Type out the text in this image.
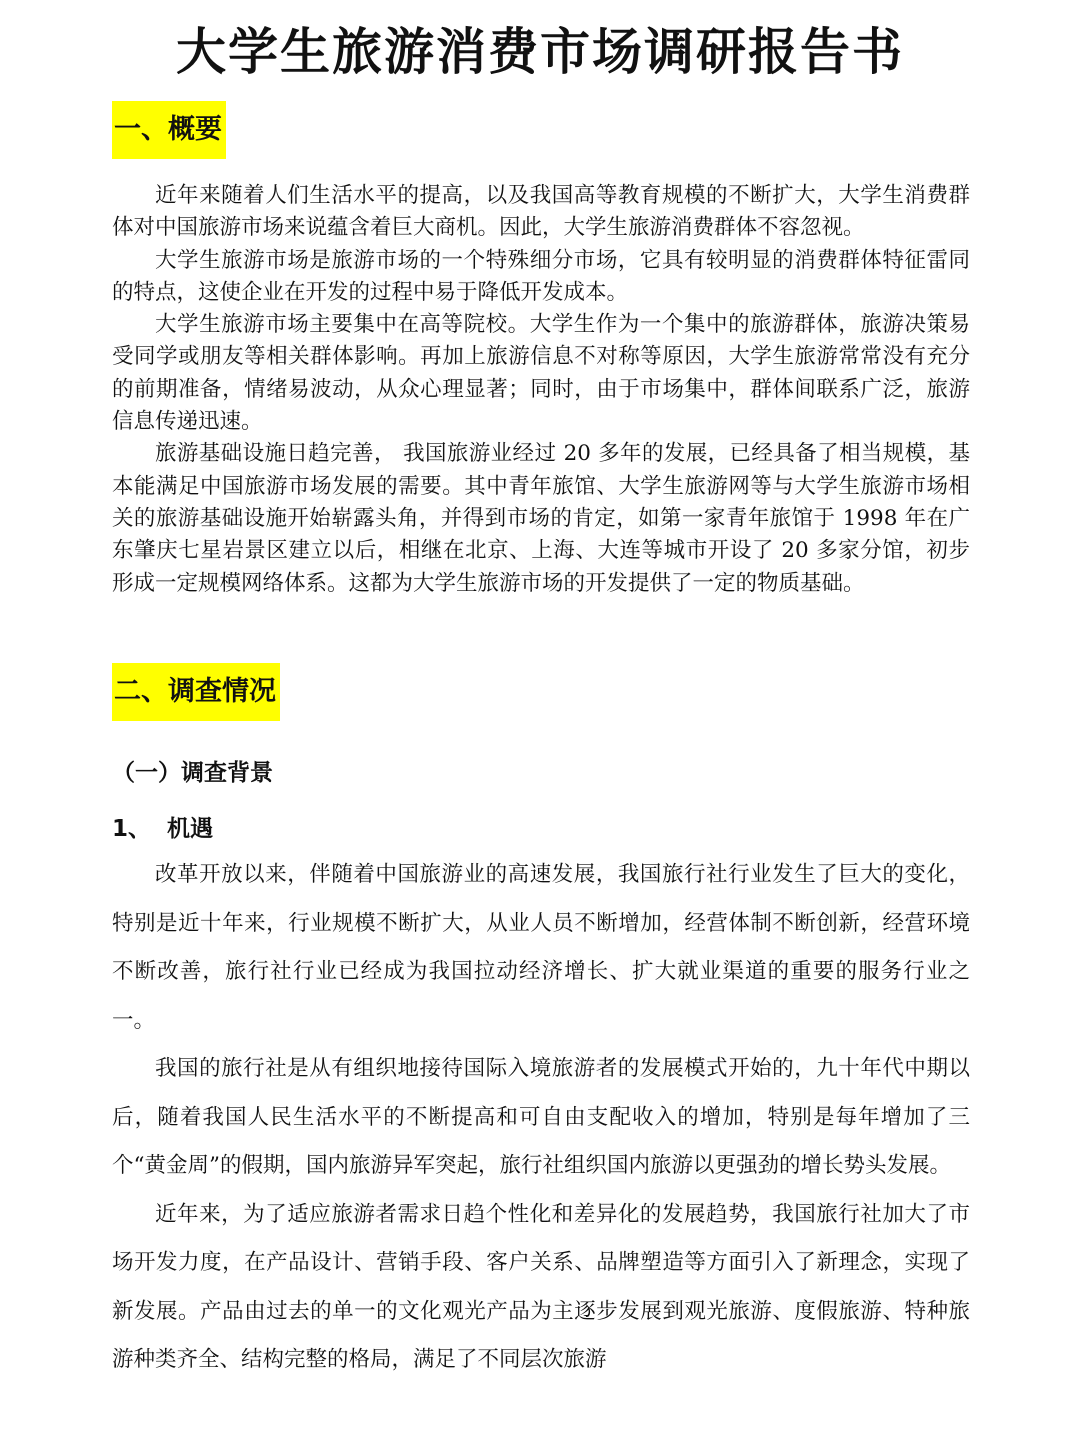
大学生旅游消费市场调研报告书
一、概要

近年来随着人们生活水平的提高，以及我国高等教育规模的不断扩大，大学生消费群体对中国旅游市场来说蕴含着巨大商机。因此，大学生旅游消费群体不容忽视。

大学生旅游市场是旅游市场的一个特殊细分市场，它具有较明显的消费群体特征雷同的特点，这使企业在开发的过程中易于降低开发成本。

大学生旅游市场主要集中在高等院校。大学生作为一个集中的旅游群体，旅游决策易受同学或朋友等相关群体影响。再加上旅游信息不对称等原因，大学生旅游常常没有充分的前期准备，情绪易波动，从众心理显著；同时，由于市场集中，群体间联系广泛，旅游信息传递迅速。

旅游基础设施日趋完善， 我国旅游业经过 20 多年的发展，已经具备了相当规模，基本能满足中国旅游市场发展的需要。其中青年旅馆、大学生旅游网等与大学生旅游市场相关的旅游基础设施开始崭露头角，并得到市场的肯定，如第一家青年旅馆于 1998 年在广东肇庆七星岩景区建立以后，相继在北京、上海、大连等城市开设了 20 多家分馆，初步形成一定规模网络体系。这都为大学生旅游市场的开发提供了一定的物质基础。

二、调查情况
（一）调查背景
1、  机遇

改革开放以来，伴随着中国旅游业的高速发展，我国旅行社行业发生了巨大的变化，特别是近十年来，行业规模不断扩大，从业人员不断增加，经营体制不断创新，经营环境不断改善，旅行社行业已经成为我国拉动经济增长、扩大就业渠道的重要的服务行业之一。

我国的旅行社是从有组织地接待国际入境旅游者的发展模式开始的，九十年代中期以后，随着我国人民生活水平的不断提高和可自由支配收入的增加，特别是每年增加了三个“黄金周”的假期，国内旅游异军突起，旅行社组织国内旅游以更强劲的增长势头发展。

近年来，为了适应旅游者需求日趋个性化和差异化的发展趋势，我国旅行社加大了市场开发力度，在产品设计、营销手段、客户关系、品牌塑造等方面引入了新理念，实现了新发展。产品由过去的单一的文化观光产品为主逐步发展到观光旅游、度假旅游、特种旅游种类齐全、结构完整的格局，满足了不同层次旅游
